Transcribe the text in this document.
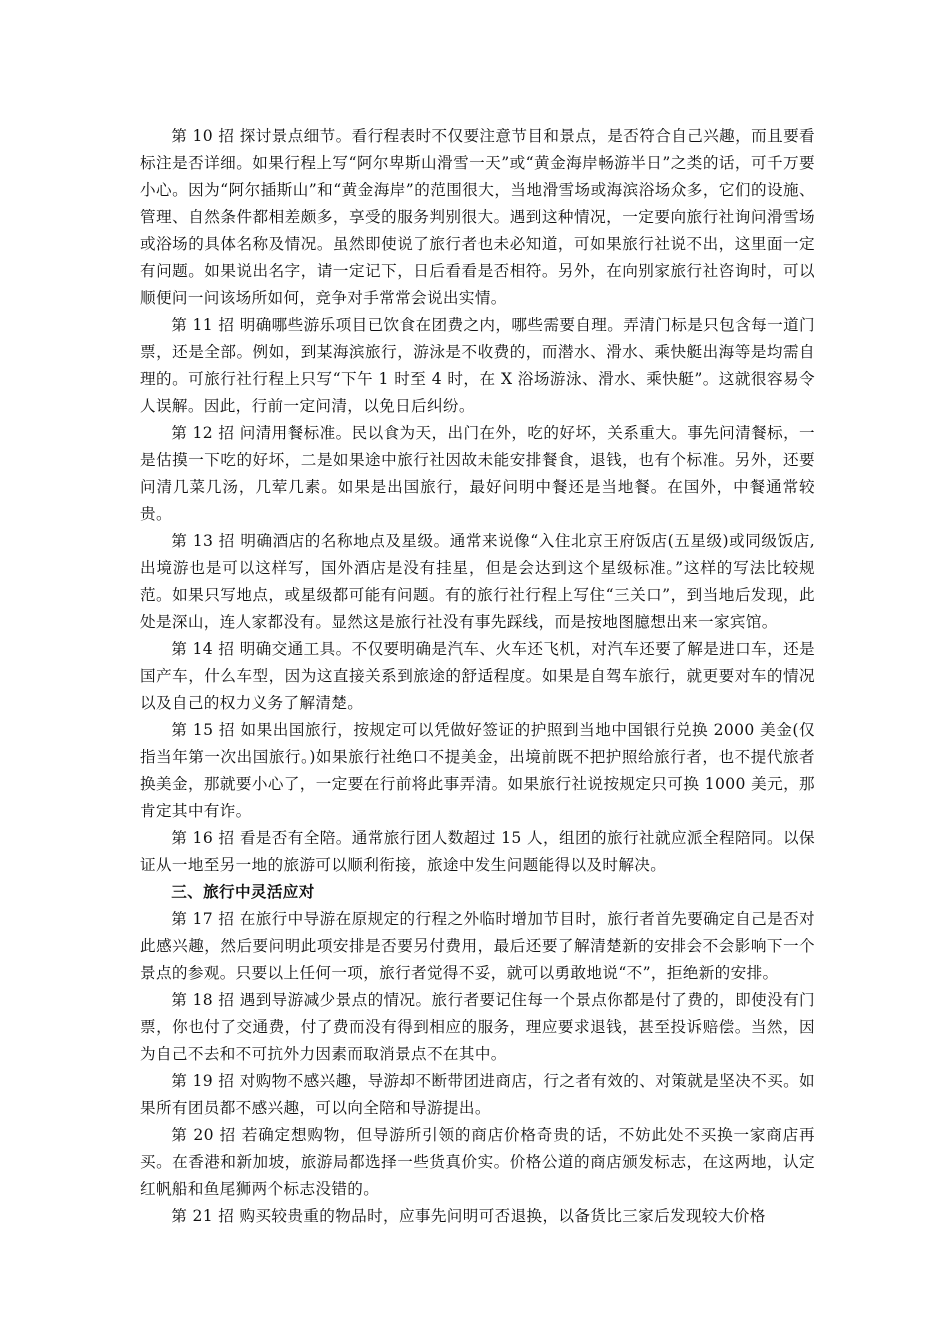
第 10 招 探讨景点细节。看行程表时不仅要注意节目和景点，是否符合自己兴趣，而且要看标注是否详细。如果行程上写“阿尔卑斯山滑雪一天”或“黄金海岸畅游半日”之类的话，可千万要小心。因为“阿尔插斯山”和“黄金海岸”的范围很大，当地滑雪场或海滨浴场众多，它们的设施、管理、自然条件都相差颇多，享受的服务判别很大。遇到这种情况，一定要向旅行社询问滑雪场或浴场的具体名称及情况。虽然即使说了旅行者也未必知道，可如果旅行社说不出，这里面一定有问题。如果说出名字，请一定记下，日后看看是否相符。另外，在向别家旅行社咨询时，可以顺便问一问该场所如何，竞争对手常常会说出实情。

第 11 招 明确哪些游乐项目已饮食在团费之内，哪些需要自理。弄清门标是只包含每一道门票，还是全部。例如，到某海滨旅行，游泳是不收费的，而潜水、滑水、乘快艇出海等是均需自理的。可旅行社行程上只写“下午 1 时至 4 时，在 X 浴场游泳、滑水、乘快艇”。这就很容易令人误解。因此，行前一定问清，以免日后纠纷。

第 12 招 问清用餐标准。民以食为天，出门在外，吃的好坏，关系重大。事先问清餐标，一是估摸一下吃的好坏，二是如果途中旅行社因故未能安排餐食，退钱，也有个标准。另外，还要问清几菜几汤，几荤几素。如果是出国旅行，最好问明中餐还是当地餐。在国外，中餐通常较贵。

第 13 招 明确酒店的名称地点及星级。通常来说像“入住北京王府饭店(五星级)或同级饭店,出境游也是可以这样写，国外酒店是没有挂星，但是会达到这个星级标准。”这样的写法比较规范。如果只写地点，或星级都可能有问题。有的旅行社行程上写住“三关口”，到当地后发现，此处是深山，连人家都没有。显然这是旅行社没有事先踩线，而是按地图臆想出来一家宾馆。

第 14 招 明确交通工具。不仅要明确是汽车、火车还飞机，对汽车还要了解是进口车，还是国产车，什么车型，因为这直接关系到旅途的舒适程度。如果是自驾车旅行，就更要对车的情况以及自己的权力义务了解清楚。

第 15 招 如果出国旅行，按规定可以凭做好签证的护照到当地中国银行兑换 2000 美金(仅指当年第一次出国旅行。)如果旅行社绝口不提美金，出境前既不把护照给旅行者，也不提代旅者换美金，那就要小心了，一定要在行前将此事弄清。如果旅行社说按规定只可换 1000 美元，那肯定其中有诈。

第 16 招 看是否有全陪。通常旅行团人数超过 15 人，组团的旅行社就应派全程陪同。以保证从一地至另一地的旅游可以顺利衔接，旅途中发生问题能得以及时解决。

三、旅行中灵活应对

第 17 招 在旅行中导游在原规定的行程之外临时增加节目时，旅行者首先要确定自己是否对此感兴趣，然后要问明此项安排是否要另付费用，最后还要了解清楚新的安排会不会影响下一个景点的参观。只要以上任何一项，旅行者觉得不妥，就可以勇敢地说“不”，拒绝新的安排。

第 18 招 遇到导游减少景点的情况。旅行者要记住每一个景点你都是付了费的，即使没有门票，你也付了交通费，付了费而没有得到相应的服务，理应要求退钱，甚至投诉赔偿。当然，因为自己不去和不可抗外力因素而取消景点不在其中。

第 19 招 对购物不感兴趣，导游却不断带团进商店，行之者有效的、对策就是坚决不买。如果所有团员都不感兴趣，可以向全陪和导游提出。

第 20 招 若确定想购物，但导游所引领的商店价格奇贵的话，不妨此处不买换一家商店再买。在香港和新加坡，旅游局都选择一些货真价实。价格公道的商店颁发标志，在这两地，认定红帆船和鱼尾狮两个标志没错的。

第 21 招 购买较贵重的物品时，应事先问明可否退换，以备货比三家后发现较大价格
